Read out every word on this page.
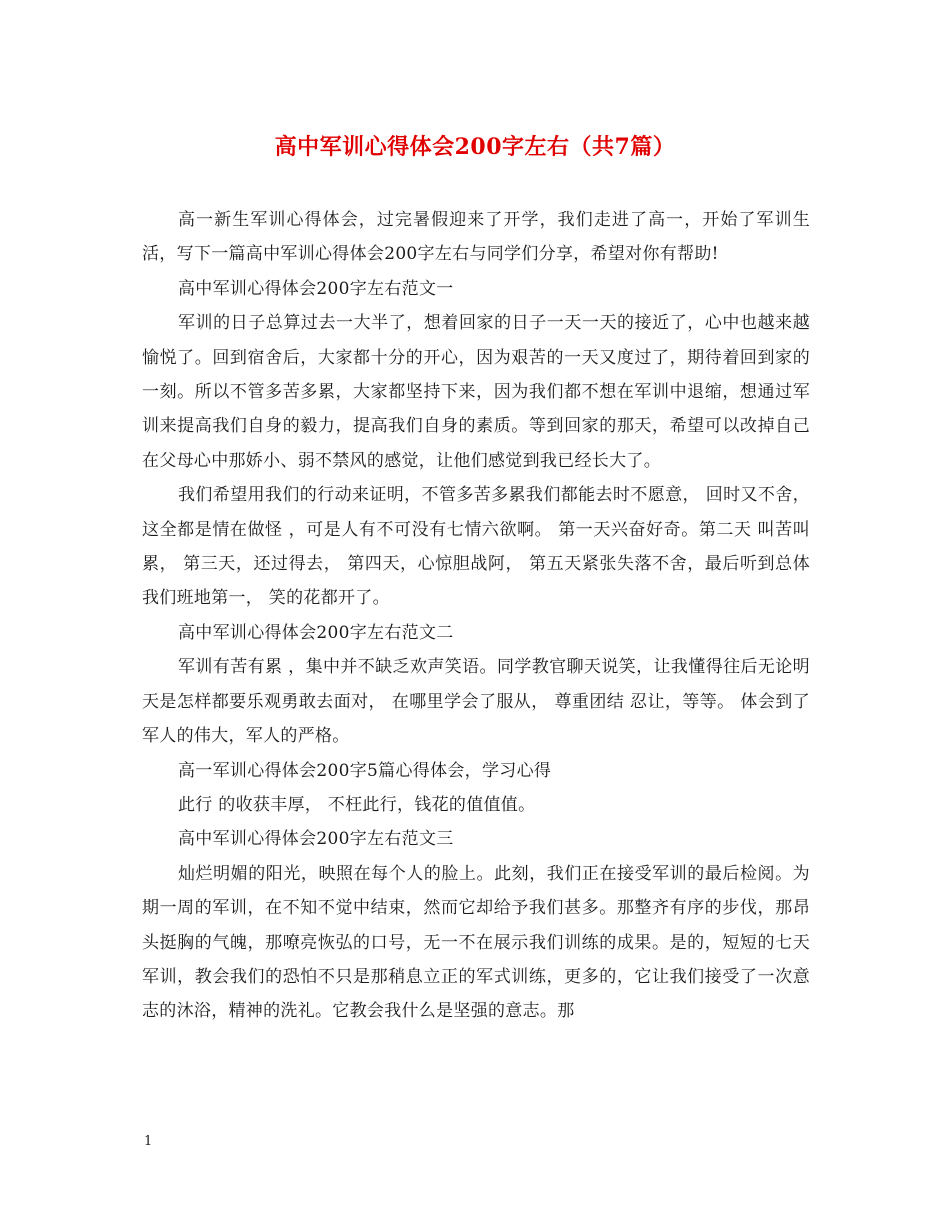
高中军训心得体会200字左右（共7篇）

高一新生军训心得体会，过完暑假迎来了开学，我们走进了高一，开始了军训生活，写下一篇高中军训心得体会200字左右与同学们分享，希望对你有帮助!

高中军训心得体会200字左右范文一

军训的日子总算过去一大半了，想着回家的日子一天一天的接近了，心中也越来越愉悦了。回到宿舍后，大家都十分的开心，因为艰苦的一天又度过了，期待着回到家的一刻。所以不管多苦多累，大家都坚持下来，因为我们都不想在军训中退缩，想通过军训来提高我们自身的毅力，提高我们自身的素质。等到回家的那天，希望可以改掉自己在父母心中那娇小、弱不禁风的感觉，让他们感觉到我已经长大了。

我们希望用我们的行动来证明，不管多苦多累我们都能去时不愿意， 回时又不舍， 这全都是情在做怪 ，可是人有不可没有七情六欲啊。 第一天兴奋好奇。第二天 叫苦叫累， 第三天，还过得去， 第四天，心惊胆战阿， 第五天紧张失落不舍，最后听到总体我们班地第一， 笑的花都开了。

高中军训心得体会200字左右范文二

军训有苦有累 ，集中并不缺乏欢声笑语。同学教官聊天说笑，让我懂得往后无论明天是怎样都要乐观勇敢去面对， 在哪里学会了服从， 尊重团结 忍让，等等。 体会到了军人的伟大，军人的严格。

高一军训心得体会200字5篇心得体会，学习心得

此行 的收获丰厚， 不枉此行，钱花的值值值。

高中军训心得体会200字左右范文三

灿烂明媚的阳光，映照在每个人的脸上。此刻，我们正在接受军训的最后检阅。为期一周的军训，在不知不觉中结束，然而它却给予我们甚多。那整齐有序的步伐，那昂头挺胸的气魄，那嘹亮恢弘的口号，无一不在展示我们训练的成果。是的，短短的七天军训，教会我们的恐怕不只是那稍息立正的军式训练，更多的，它让我们接受了一次意志的沐浴，精神的洗礼。它教会我什么是坚强的意志。那

1
